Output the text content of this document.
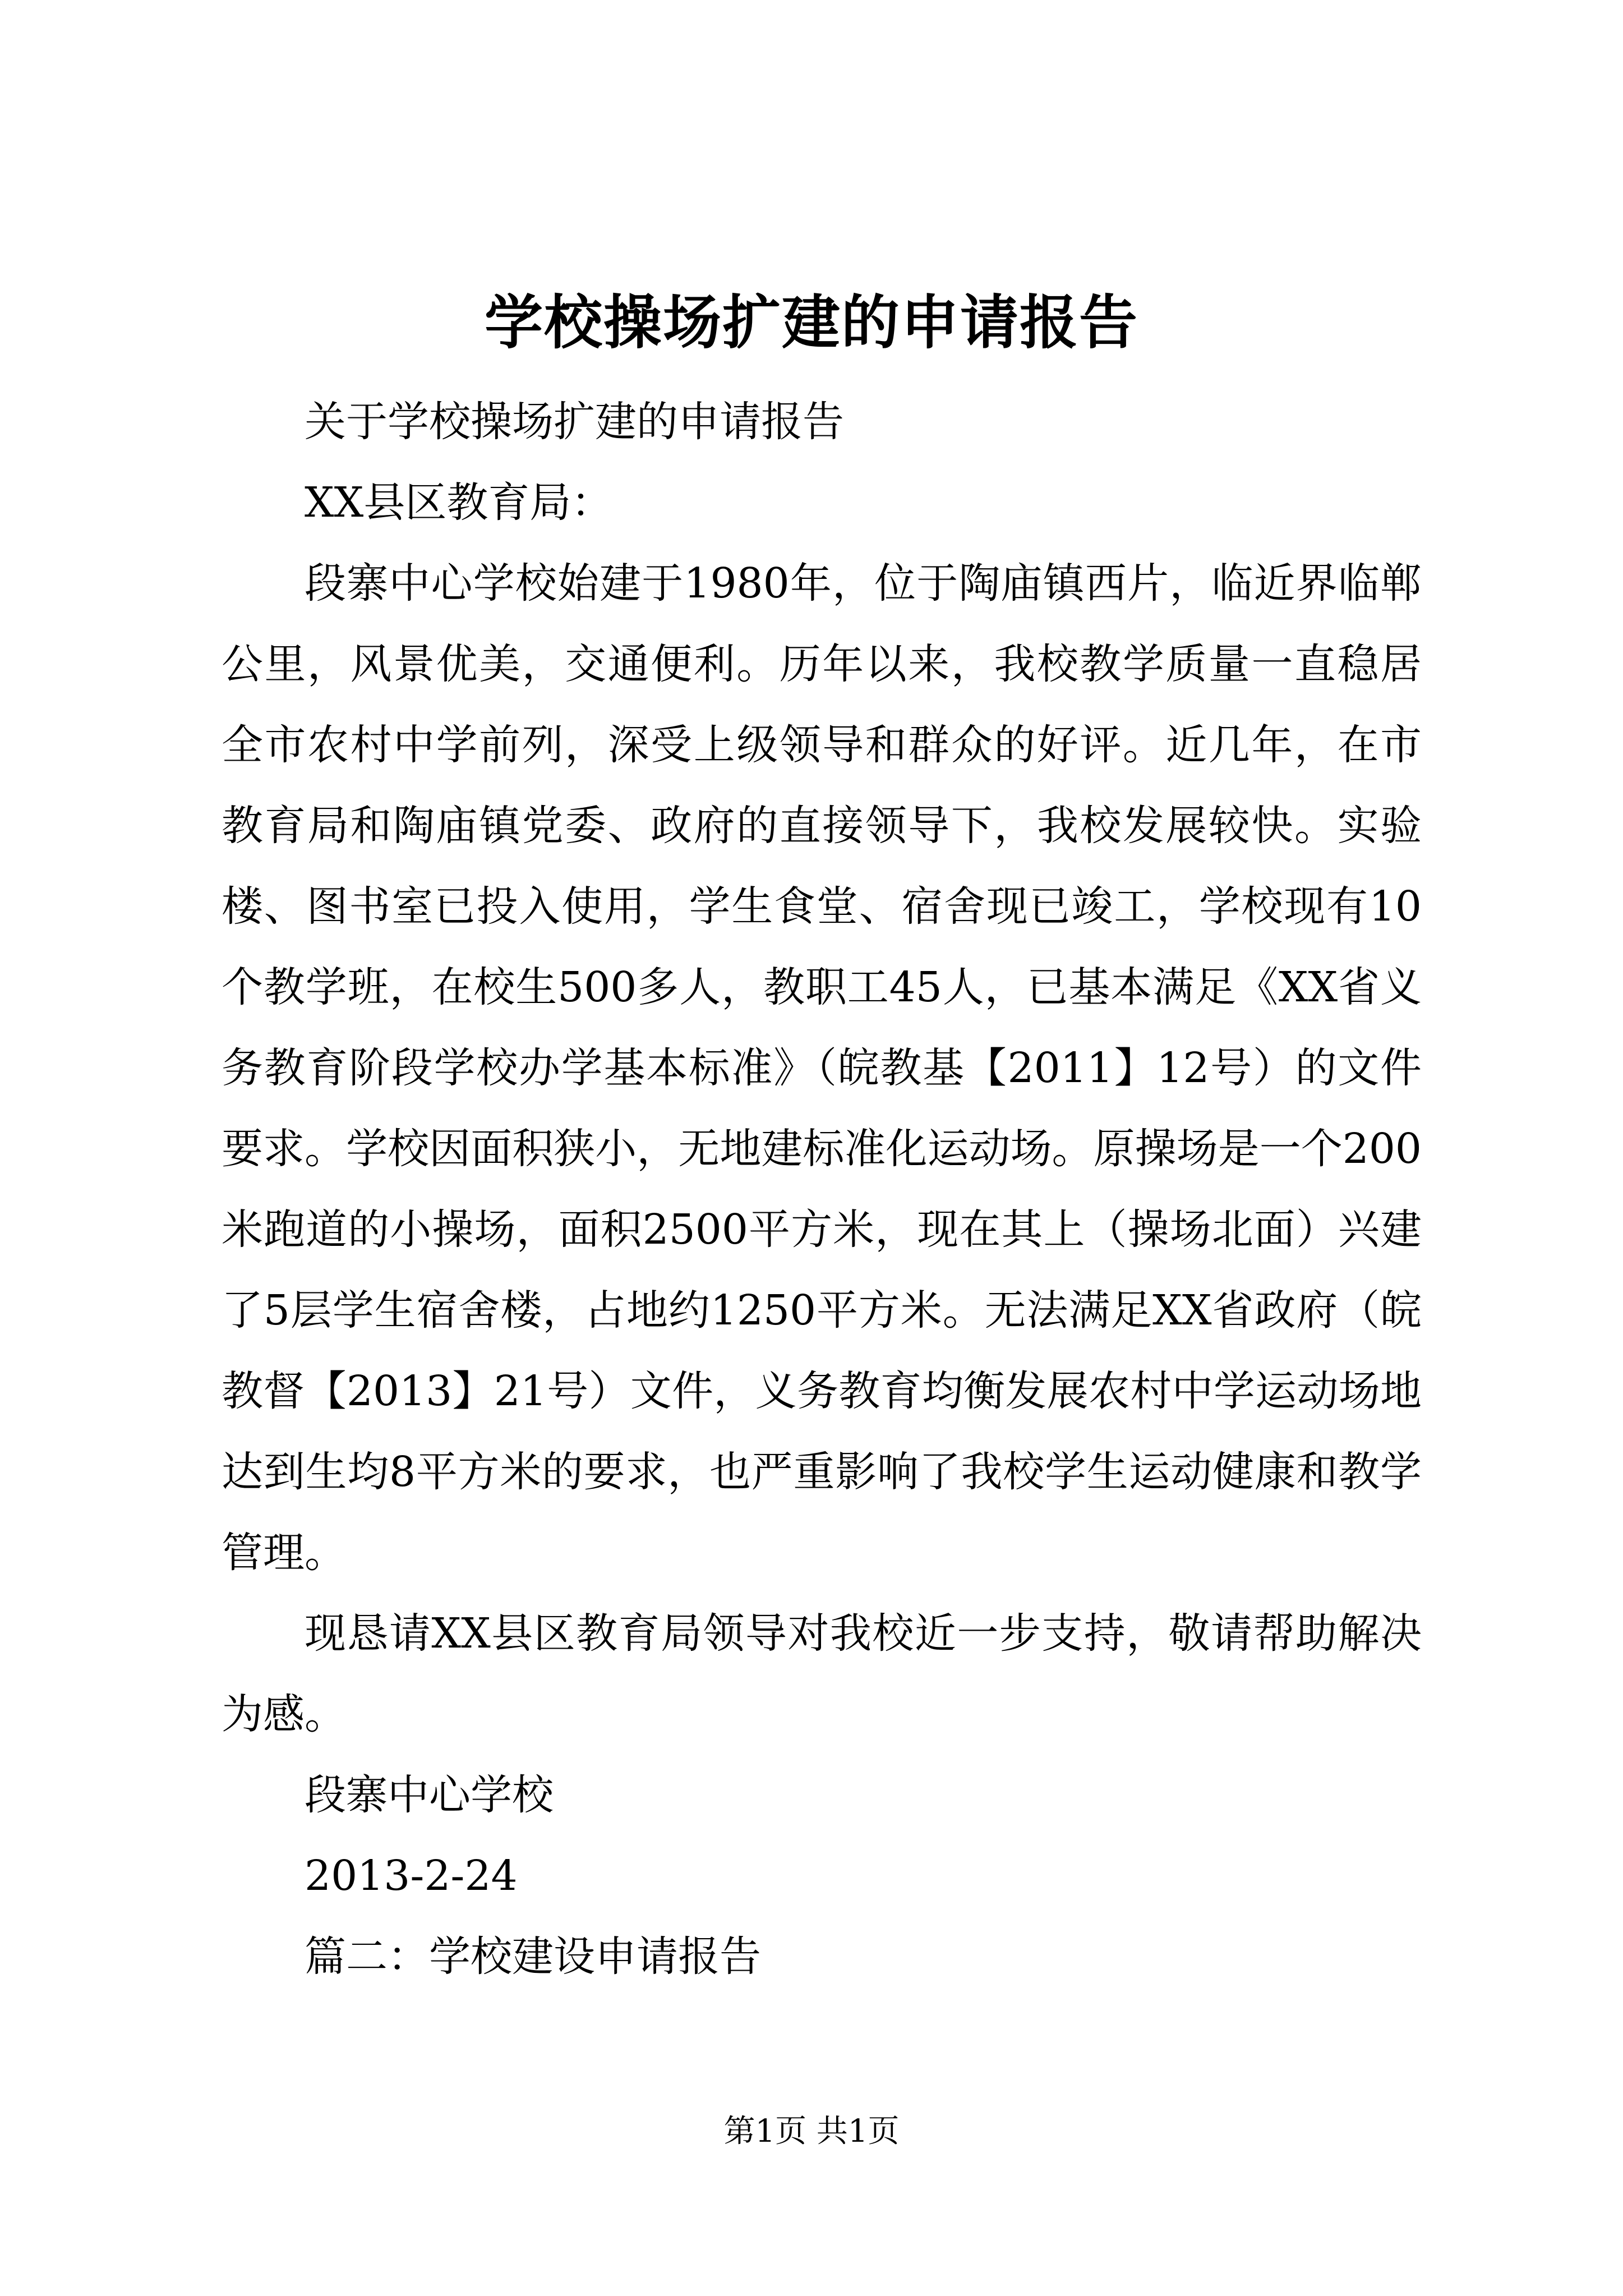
学校操场扩建的申请报告

关于学校操场扩建的申请报告

XX县区教育局：

段寨中心学校始建于1980年，位于陶庙镇西片，临近界临郸公里，风景优美，交通便利。历年以来，我校教学质量一直稳居全市农村中学前列，深受上级领导和群众的好评。近几年，在市教育局和陶庙镇党委、政府的直接领导下，我校发展较快。实验楼、图书室已投入使用，学生食堂、宿舍现已竣工，学校现有10个教学班，在校生500多人，教职工45人，已基本满足《XX省义务教育阶段学校办学基本标准》（皖教基【2011】12号）的文件要求。学校因面积狭小，无地建标准化运动场。原操场是一个200米跑道的小操场，面积2500平方米，现在其上（操场北面）兴建了5层学生宿舍楼，占地约1250平方米。无法满足XX省政府（皖教督【2013】21号）文件，义务教育均衡发展农村中学运动场地达到生均8平方米的要求，也严重影响了我校学生运动健康和教学管理。

现恳请XX县区教育局领导对我校近一步支持，敬请帮助解决为感。

段寨中心学校

2013-2-24

篇二：学校建设申请报告

第1页 共1页
